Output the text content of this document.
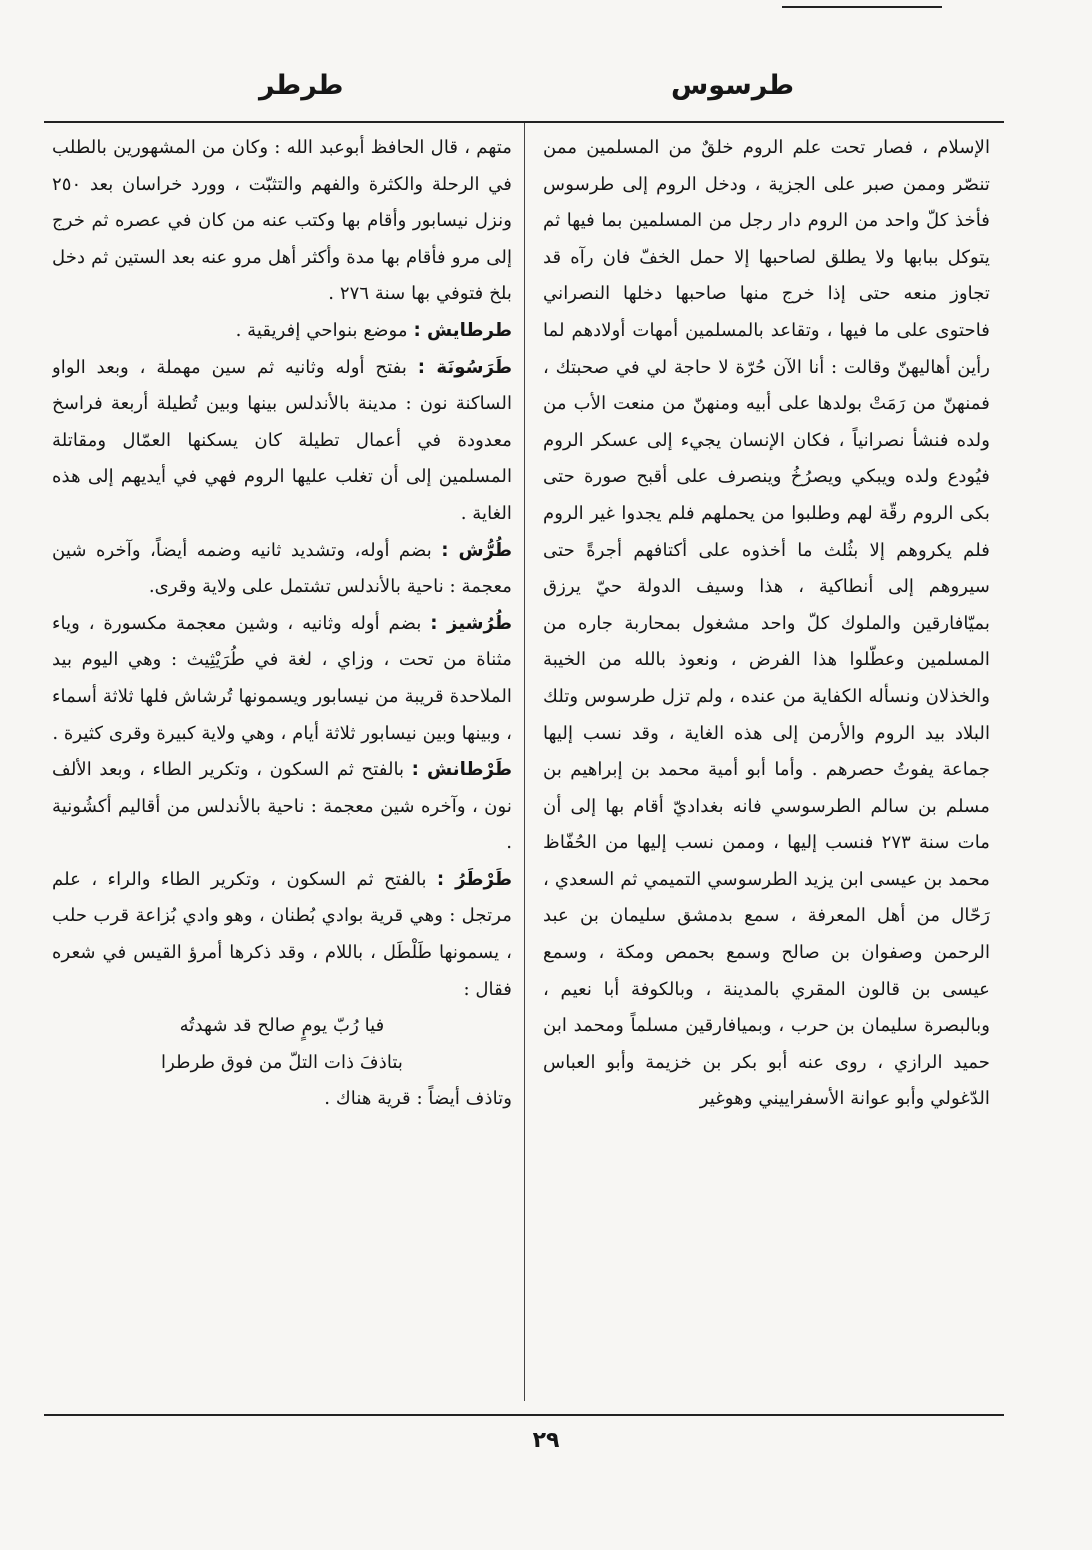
طرسوس
طرطر

الإسلام ، فصار تحت علم الروم خلقٌ من المسلمين ممن تنصّر وممن صبر على الجزية ، ودخل الروم إلى طرسوس فأخذ كلّ واحد من الروم دار رجل من المسلمين بما فيها ثم يتوكل ببابها ولا يطلق لصاحبها إلا حمل الخفّ فان رآه قد تجاوز منعه حتى إذا خرج منها صاحبها دخلها النصراني فاحتوى على ما فيها ، وتقاعد بالمسلمين أمهات أولادهم لما رأين أهاليهنّ وقالت : أنا الآن حُرّة لا حاجة لي في صحبتك ، فمنهنّ من رَمَتْ بولدها على أبيه ومنهنّ من منعت الأب من ولده فنشأ نصرانياً ، فكان الإنسان يجيء إلى عسكر الروم فيُودع ولده ويبكي ويصرُخُ وينصرف على أقبح صورة حتى بكى الروم رقّة لهم وطلبوا من يحملهم فلم يجدوا غير الروم فلم يكروهم إلا بثُلث ما أخذوه على أكتافهم أجرةً حتى سيروهم إلى أنطاكية ، هذا وسيف الدولة حيّ يرزق بميّافارقين والملوك كلّ واحد مشغول بمحاربة جاره من المسلمين وعطّلوا هذا الفرض ، ونعوذ بالله من الخيبة والخذلان ونسأله الكفاية من عنده ، ولم تزل طرسوس وتلك البلاد بيد الروم والأرمن إلى هذه الغاية ، وقد نسب إليها جماعة يفوتُ حصرهم . وأما أبو أمية محمد بن إبراهيم بن مسلم بن سالم الطرسوسي فانه بغداديّ أقام بها إلى أن مات سنة ٢٧٣ فنسب إليها ، وممن نسب إليها من الحُفّاظ محمد بن عيسى ابن يزيد الطرسوسي التميمي ثم السعدي ، رَحّال من أهل المعرفة ، سمع بدمشق سليمان بن عبد الرحمن وصفوان بن صالح وسمع بحمص ومكة ، وسمع عيسى بن قالون المقري بالمدينة ، وبالكوفة أبا نعيم ، وبالبصرة سليمان بن حرب ، وبميافارقين مسلماً ومحمد ابن حميد الرازي ، روى عنه أبو بكر بن خزيمة وأبو العباس الدّغولي وأبو عوانة الأسفراييني وهوغير

متهم ، قال الحافظ أبوعبد الله : وكان من المشهورين بالطلب في الرحلة والكثرة والفهم والتثبّت ، وورد خراسان بعد ٢٥٠ ونزل نيسابور وأقام بها وكتب عنه من كان في عصره ثم خرج إلى مرو فأقام بها مدة وأكثر أهل مرو عنه بعد الستين ثم دخل بلخ فتوفي بها سنة ٢٧٦ .

طرطايش : موضع بنواحي إفريقية .

طَرَسُونَة : بفتح أوله وثانيه ثم سين مهملة ، وبعد الواو الساكنة نون : مدينة بالأندلس بينها وبين تُطيلة أربعة فراسخ معدودة في أعمال تطيلة كان يسكنها العمّال ومقاتلة المسلمين إلى أن تغلب عليها الروم فهي في أيديهم إلى هذه الغاية .

طُرُّش : بضم أوله، وتشديد ثانيه وضمه أيضاً، وآخره شين معجمة : ناحية بالأندلس تشتمل على ولاية وقرى.

طُرُشيز : بضم أوله وثانيه ، وشين معجمة مكسورة ، وياء مثناة من تحت ، وزاي ، لغة في طُرَيْثِيث : وهي اليوم بيد الملاحدة قريبة من نيسابور ويسمونها تُرشاش فلها ثلاثة أسماء ، وبينها وبين نيسابور ثلاثة أيام ، وهي ولاية كبيرة وقرى كثيرة .

طَرْطانش : بالفتح ثم السكون ، وتكرير الطاء ، وبعد الألف نون ، وآخره شين معجمة : ناحية بالأندلس من أقاليم أكشُونية .

طَرْطَرُ : بالفتح ثم السكون ، وتكرير الطاء والراء ، علم مرتجل : وهي قرية بوادي بُطنان ، وهو وادي بُزاعة قرب حلب ، يسمونها طَلْطَل ، باللام ، وقد ذكرها أمرؤ القيس في شعره فقال :

فيا رُبّ يومٍ صالح قد شهدتُه
بتاذفَ ذات التلّ من فوق طرطرا

وتاذف أيضاً : قرية هناك .

٢٩
